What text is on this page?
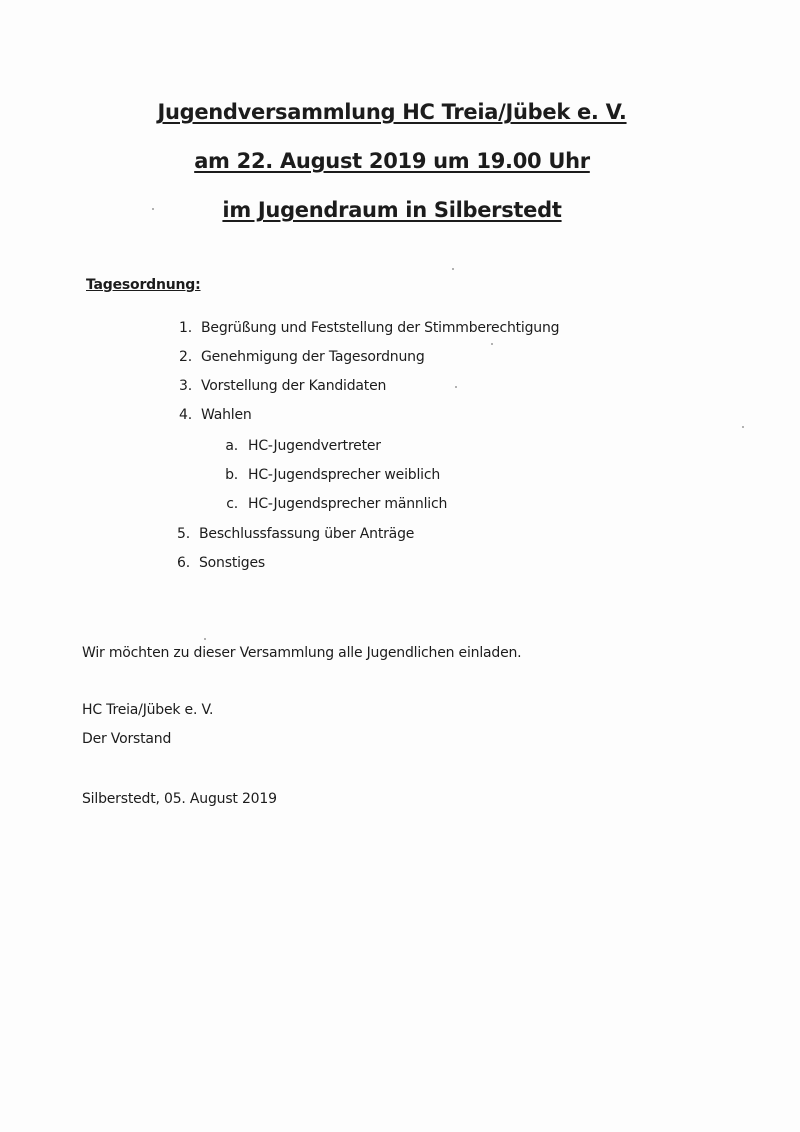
Jugendversammlung HC Treia/Jübek e. V.
am 22. August 2019 um 19.00 Uhr
im Jugendraum in Silberstedt
Tagesordnung:
1. Begrüßung und Feststellung der Stimmberechtigung
2. Genehmigung der Tagesordnung
3. Vorstellung der Kandidaten
4. Wahlen
a. HC-Jugendvertreter
b. HC-Jugendsprecher weiblich
c. HC-Jugendsprecher männlich
5. Beschlussfassung über Anträge
6. Sonstiges
Wir möchten zu dieser Versammlung alle Jugendlichen einladen.
HC Treia/Jübek e. V.
Der Vorstand
Silberstedt, 05. August 2019
